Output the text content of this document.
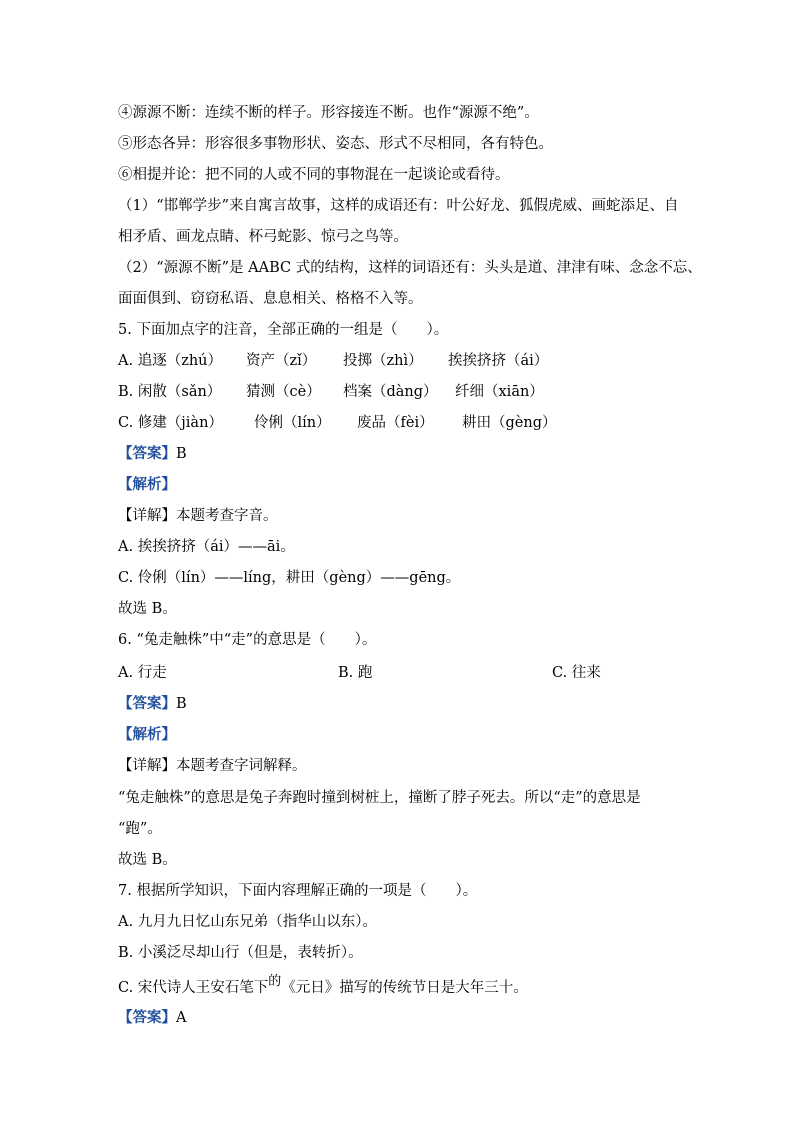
④源源不断：连续不断的样子。形容接连不断。也作“源源不绝”。
⑤形态各异：形容很多事物形状、姿态、形式不尽相同，各有特色。
⑥相提并论：把不同的人或不同的事物混在一起谈论或看待。
（1）“邯郸学步”来自寓言故事，这样的成语还有：叶公好龙、狐假虎威、画蛇添足、自
相矛盾、画龙点睛、杯弓蛇影、惊弓之鸟等。
（2）“源源不断”是 AABC 式的结构，这样的词语还有：头头是道、津津有味、念念不忘、
面面俱到、窃窃私语、息息相关、格格不入等。
5. 下面加点字的注音，全部正确的一组是（　　）。
A. 追逐（zhú） 资产（zǐ） 投掷（zhì） 挨挨挤挤（ái）
B. 闲散（sǎn） 猜测（cè） 档案（dàng） 纤细（xiān）
C. 修建（jiàn） 伶俐（lín） 废品（fèi） 耕田（gèng）
【答案】B
【解析】
【详解】本题考查字音。
A. 挨挨挤挤（ái）——āi。
C. 伶俐（lín）——líng，耕田（gèng）——gēng。
故选 B。
6. “兔走触株”中“走”的意思是（　　）。
A. 行走	B. 跑	C. 往来
【答案】B
【解析】
【详解】本题考查字词解释。
“兔走触株”的意思是兔子奔跑时撞到树桩上，撞断了脖子死去。所以“走”的意思是
“跑”。
故选 B。
7. 根据所学知识，下面内容理解正确的一项是（　　）。
A. 九月九日忆山东兄弟（指华山以东）。
B. 小溪泛尽却山行（但是，表转折）。
C. 宋代诗人王安石笔下的《元日》描写的传统节日是大年三十。
【答案】A
